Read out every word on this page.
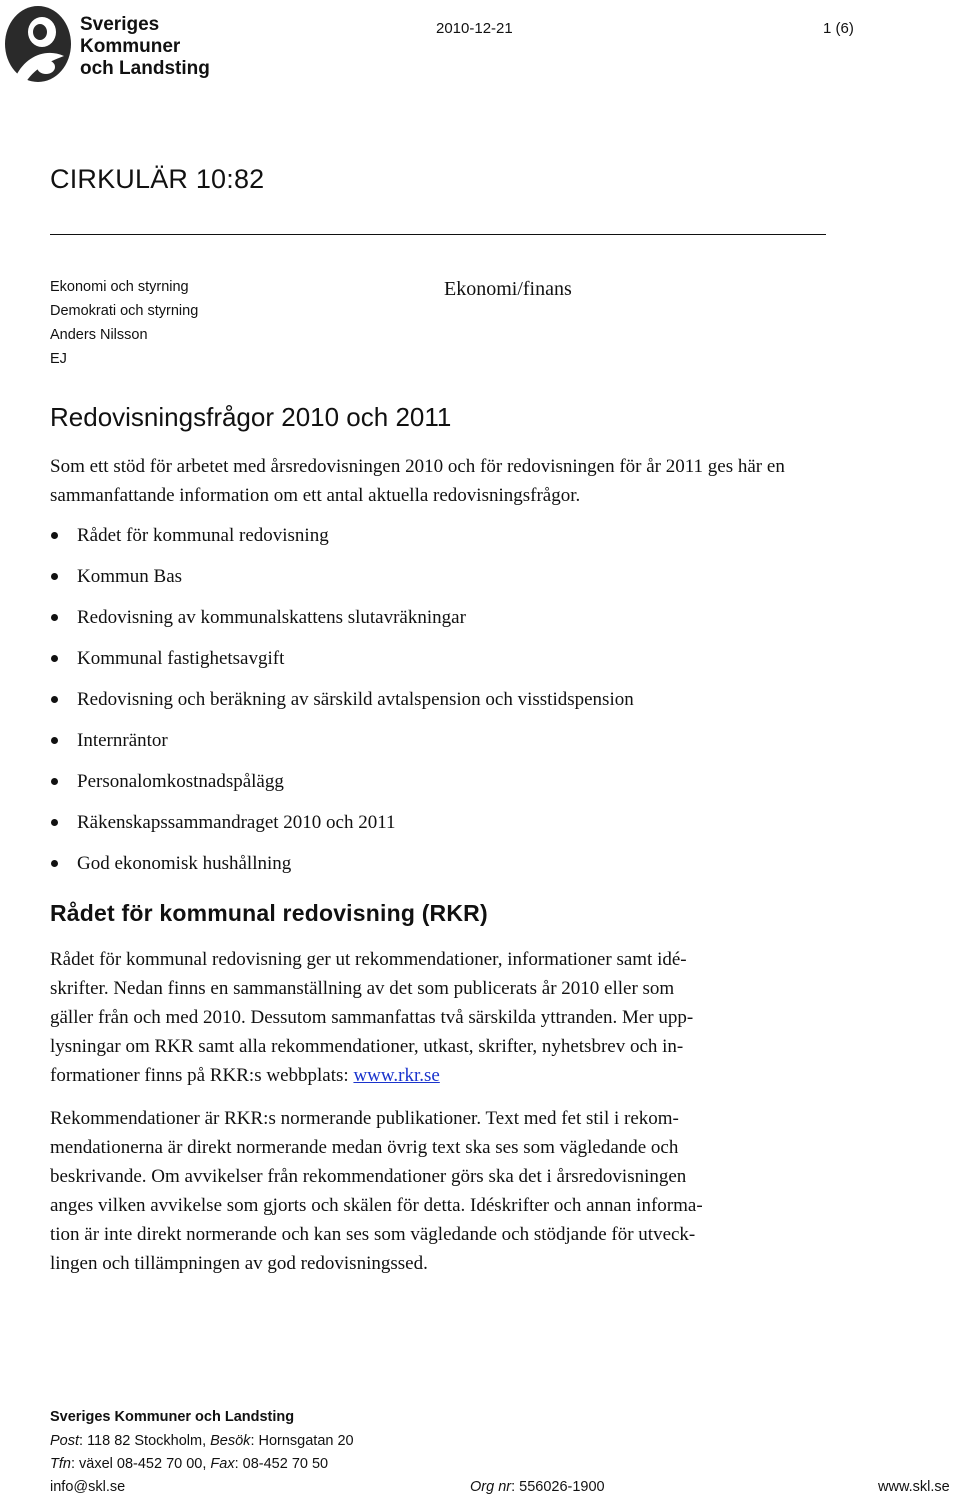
Sveriges
Kommuner
och Landsting
2010-12-21	1 (6)
CIRKULÄR 10:82
Ekonomi och styrning
Demokrati och styrning
Anders Nilsson
EJ
Ekonomi/finans
Redovisningsfrågor 2010 och 2011

Som ett stöd för arbetet med årsredovisningen 2010 och för redovisningen för år 2011 ges här en sammanfattande information om ett antal aktuella redovisningsfrågor.

Rådet för kommunal redovisning
Kommun Bas
Redovisning av kommunalskattens slutavräkningar
Kommunal fastighetsavgift
Redovisning och beräkning av särskild avtalspension och visstidspension
Internräntor
Personalomkostnadspålägg
Räkenskapssammandraget 2010 och 2011
God ekonomisk hushållning
Rådet för kommunal redovisning (RKR)
Rådet för kommunal redovisning ger ut rekommendationer, informationer samt idé-
skrifter. Nedan finns en sammanställning av det som publicerats år 2010 eller som
gäller från och med 2010. Dessutom sammanfattas två särskilda yttranden. Mer upp-
lysningar om RKR samt alla rekommendationer, utkast, skrifter, nyhetsbrev och in-
formationer finns på RKR:s webbplats: www.rkr.se
Rekommendationer är RKR:s normerande publikationer. Text med fet stil i rekom-
mendationerna är direkt normerande medan övrig text ska ses som vägledande och
beskrivande. Om avvikelser från rekommendationer görs ska det i årsredovisningen
anges vilken avvikelse som gjorts och skälen för detta. Idéskrifter och annan informa-
tion är inte direkt normerande och kan ses som vägledande och stödjande för utveck-
lingen och tillämpningen av god redovisningssed.
Sveriges Kommuner och Landsting
Post: 118 82 Stockholm, Besök: Hornsgatan 20
Tfn: växel 08-452 70 00, Fax: 08-452 70 50
info@skl.se	Org nr: 556026-1900	www.skl.se
